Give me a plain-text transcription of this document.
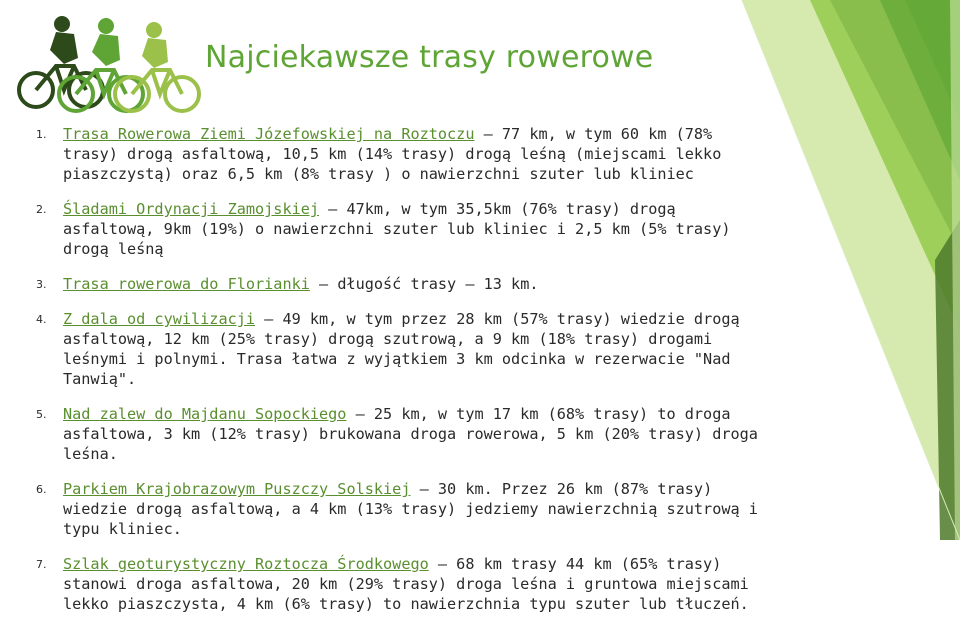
Najciekawsze trasy rowerowe
1. Trasa Rowerowa Ziemi Józefowskiej na Roztoczu – 77 km, w tym 60 km (78% trasy) drogą asfaltową, 10,5 km (14% trasy) drogą leśną (miejscami lekko piaszczystą) oraz 6,5 km (8% trasy ) o nawierzchni szuter lub kliniec
2. Śladami Ordynacji Zamojskiej – 47km, w tym 35,5km (76% trasy) drogą asfaltową, 9km (19%) o nawierzchni szuter lub kliniec i 2,5 km (5% trasy) drogą leśną
3. Trasa rowerowa do Florianki – długość trasy – 13 km.
4. Z dala od cywilizacji – 49 km, w tym przez 28 km (57% trasy) wiedzie drogą asfaltową, 12 km (25% trasy) drogą szutrową, a 9 km (18% trasy) drogami leśnymi i polnymi. Trasa łatwa z wyjątkiem 3 km odcinka w rezerwacie "Nad Tanwią".
5. Nad zalew do Majdanu Sopockiego – 25 km, w tym 17 km (68% trasy) to droga asfaltowa, 3 km (12% trasy) brukowana droga rowerowa, 5 km (20% trasy) droga leśna.
6. Parkiem Krajobrazowym Puszczy Solskiej – 30 km. Przez 26 km (87% trasy) wiedzie drogą asfaltową, a 4 km (13% trasy) jedziemy nawierzchnią szutrową i typu kliniec.
7. Szlak geoturystyczny Roztocza Środkowego – 68 km trasy 44 km (65% trasy) stanowi droga asfaltowa, 20 km (29% trasy) droga leśna i gruntowa miejscami lekko piaszczysta, 4 km (6% trasy) to nawierzchnia typu szuter lub tłuczeń.
